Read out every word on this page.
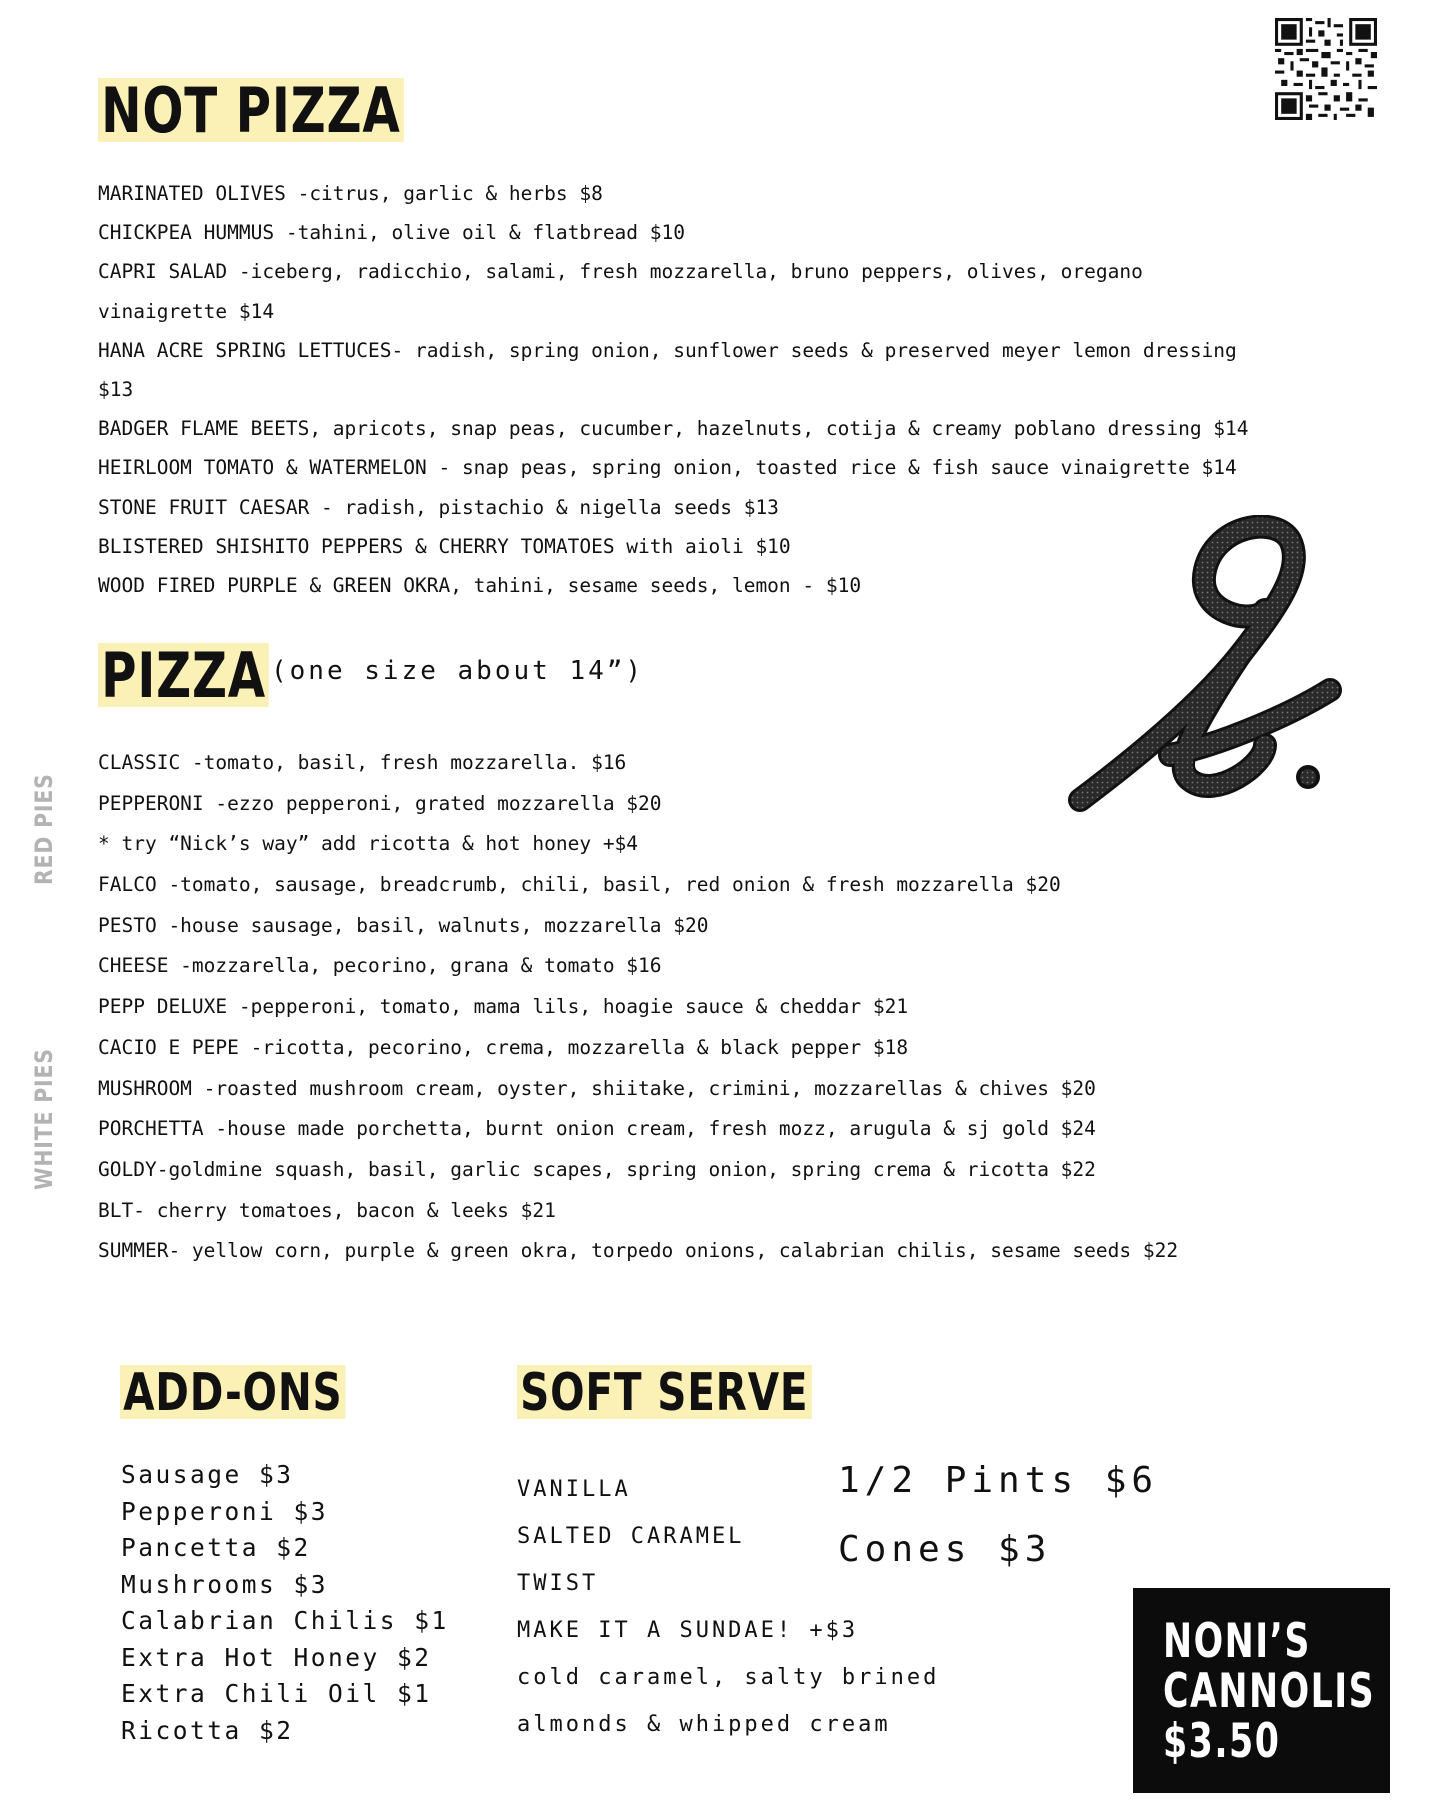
NOT PIZZA
MARINATED OLIVES -citrus, garlic & herbs $8
CHICKPEA HUMMUS -tahini, olive oil & flatbread $10
CAPRI SALAD -iceberg, radicchio, salami, fresh mozzarella, bruno peppers, olives, oregano
vinaigrette $14
HANA ACRE SPRING LETTUCES- radish, spring onion, sunflower seeds & preserved meyer lemon dressing
$13
BADGER FLAME BEETS, apricots, snap peas, cucumber, hazelnuts, cotija & creamy poblano dressing $14
HEIRLOOM TOMATO & WATERMELON - snap peas, spring onion, toasted rice & fish sauce vinaigrette $14
STONE FRUIT CAESAR - radish, pistachio & nigella seeds $13
BLISTERED SHISHITO PEPPERS & CHERRY TOMATOES with aioli $10
WOOD FIRED PURPLE & GREEN OKRA, tahini, sesame seeds, lemon - $10
PIZZA (one size about 14”)
RED PIES
WHITE PIES
CLASSIC -tomato, basil, fresh mozzarella. $16
PEPPERONI -ezzo pepperoni, grated mozzarella $20
* try “Nick’s way” add ricotta & hot honey +$4
FALCO -tomato, sausage, breadcrumb, chili, basil, red onion & fresh mozzarella $20
PESTO -house sausage, basil, walnuts, mozzarella $20
CHEESE -mozzarella, pecorino, grana & tomato $16
PEPP DELUXE -pepperoni, tomato, mama lils, hoagie sauce & cheddar $21
CACIO E PEPE -ricotta, pecorino, crema, mozzarella & black pepper $18
MUSHROOM -roasted mushroom cream, oyster, shiitake, crimini, mozzarellas & chives $20
PORCHETTA -house made porchetta, burnt onion cream, fresh mozz, arugula & sj gold $24
GOLDY-goldmine squash, basil, garlic scapes, spring onion, spring crema & ricotta $22
BLT- cherry tomatoes, bacon & leeks $21
SUMMER- yellow corn, purple & green okra, torpedo onions, calabrian chilis, sesame seeds $22
ADD-ONS
Sausage $3
Pepperoni $3
Pancetta $2
Mushrooms $3
Calabrian Chilis $1
Extra Hot Honey $2
Extra Chili Oil $1
Ricotta $2
SOFT SERVE
VANILLA
SALTED CARAMEL
TWIST
MAKE IT A SUNDAE! +$3
cold caramel, salty brined
almonds & whipped cream
1/2 Pints $6
Cones $3
NONI’S
CANNOLIS
$3.50
